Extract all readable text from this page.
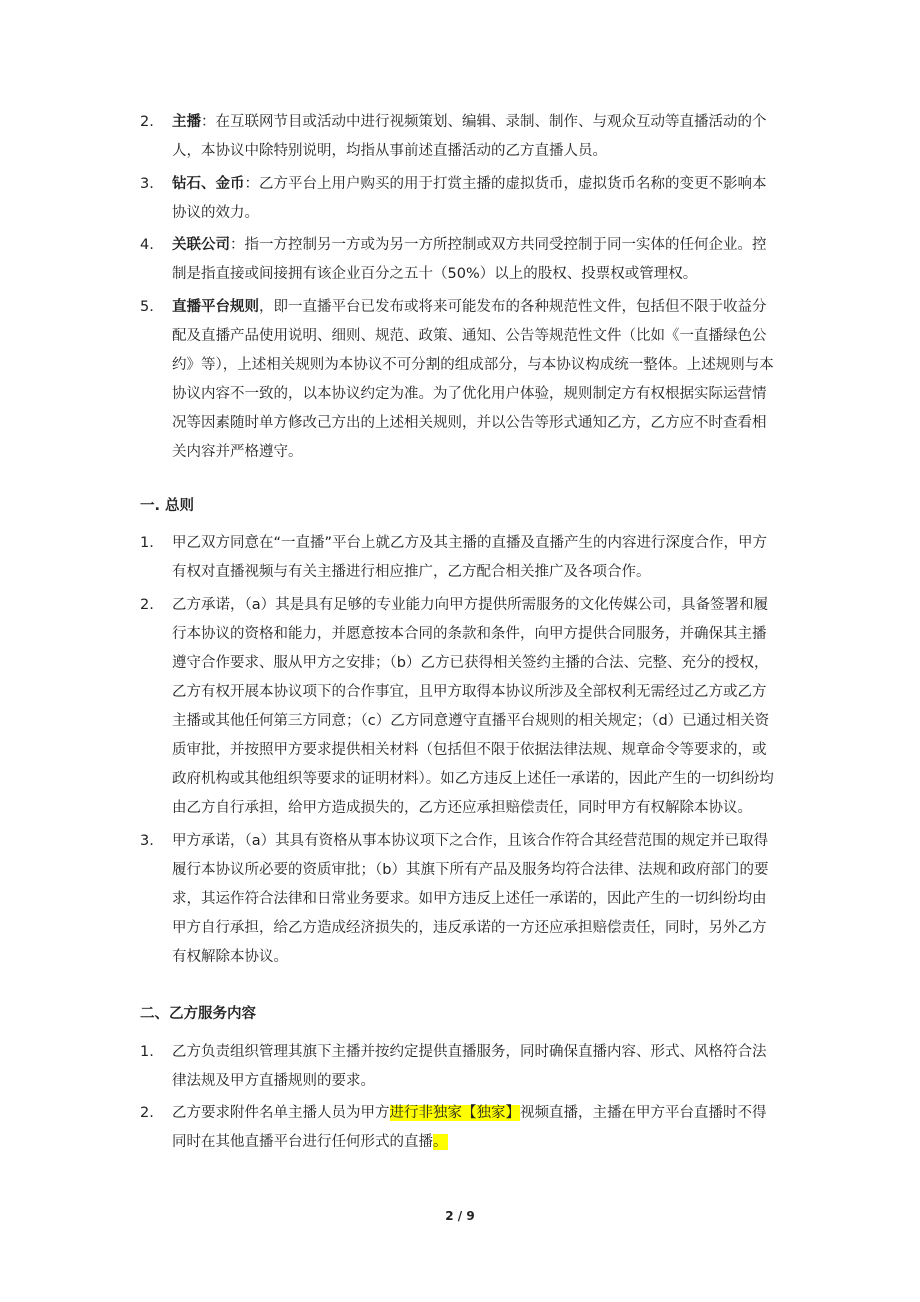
2.	主播：在互联网节目或活动中进行视频策划、编辑、录制、制作、与观众互动等直播活动的个人，本协议中除特别说明，均指从事前述直播活动的乙方直播人员。
3.	钻石、金币：乙方平台上用户购买的用于打赏主播的虚拟货币，虚拟货币名称的变更不影响本协议的效力。
4.	关联公司：指一方控制另一方或为另一方所控制或双方共同受控制于同一实体的任何企业。控制是指直接或间接拥有该企业百分之五十（50%）以上的股权、投票权或管理权。
5.	直播平台规则，即一直播平台已发布或将来可能发布的各种规范性文件，包括但不限于收益分配及直播产品使用说明、细则、规范、政策、通知、公告等规范性文件（比如《一直播绿色公约》等），上述相关规则为本协议不可分割的组成部分，与本协议构成统一整体。上述规则与本协议内容不一致的，以本协议约定为准。为了优化用户体验，规则制定方有权根据实际运营情况等因素随时单方修改己方出的上述相关规则，并以公告等形式通知乙方，乙方应不时查看相关内容并严格遵守。
一. 总则
1.	甲乙双方同意在“一直播”平台上就乙方及其主播的直播及直播产生的内容进行深度合作，甲方有权对直播视频与有关主播进行相应推广，乙方配合相关推广及各项合作。
2.	乙方承诺，（a）其是具有足够的专业能力向甲方提供所需服务的文化传媒公司，具备签署和履行本协议的资格和能力，并愿意按本合同的条款和条件，向甲方提供合同服务，并确保其主播遵守合作要求、服从甲方之安排；（b）乙方已获得相关签约主播的合法、完整、充分的授权，乙方有权开展本协议项下的合作事宜，且甲方取得本协议所涉及全部权利无需经过乙方或乙方主播或其他任何第三方同意；（c）乙方同意遵守直播平台规则的相关规定；（d）已通过相关资质审批，并按照甲方要求提供相关材料（包括但不限于依据法律法规、规章命令等要求的，或政府机构或其他组织等要求的证明材料）。如乙方违反上述任一承诺的，因此产生的一切纠纷均由乙方自行承担，给甲方造成损失的，乙方还应承担赔偿责任，同时甲方有权解除本协议。
3.	甲方承诺，（a）其具有资格从事本协议项下之合作，且该合作符合其经营范围的规定并已取得履行本协议所必要的资质审批；（b）其旗下所有产品及服务均符合法律、法规和政府部门的要求，其运作符合法律和日常业务要求。如甲方违反上述任一承诺的，因此产生的一切纠纷均由甲方自行承担，给乙方造成经济损失的，违反承诺的一方还应承担赔偿责任，同时，另外乙方有权解除本协议。
二、乙方服务内容
1.	乙方负责组织管理其旗下主播并按约定提供直播服务，同时确保直播内容、形式、风格符合法律法规及甲方直播规则的要求。
2.	乙方要求附件名单主播人员为甲方进行非独家【独家】视频直播，主播在甲方平台直播时不得同时在其他直播平台进行任何形式的直播。
2 / 9
